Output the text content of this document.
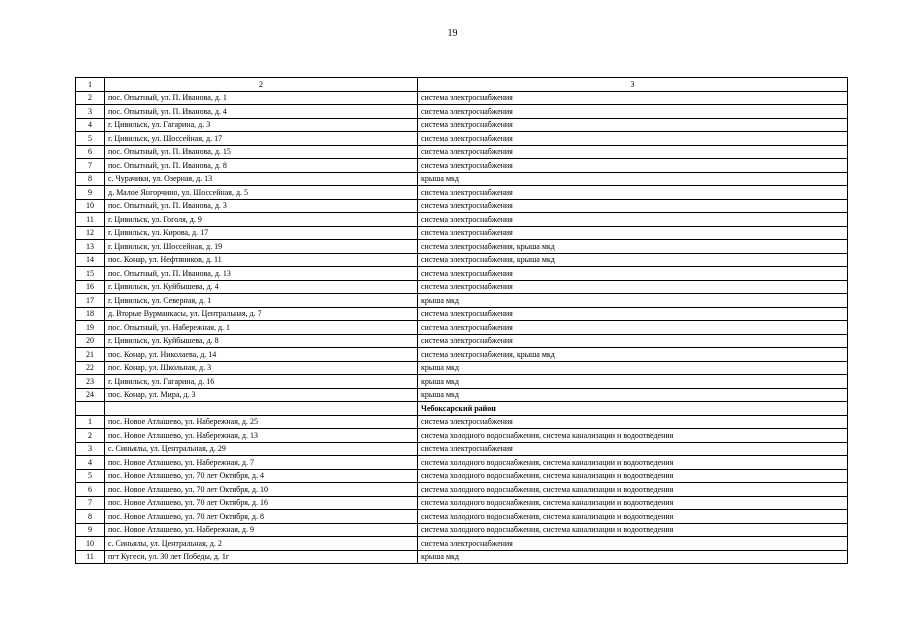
19
1	2	3
2	пос. Опытный, ул. П. Иванова, д. 1	система электроснабжения
3	пос. Опытный, ул. П. Иванова, д. 4	система электроснабжения
4	г. Цивильск, ул. Гагарина, д. 3	система электроснабжения
5	г. Цивильск, ул. Шоссейная, д. 17	система электроснабжения
6	пос. Опытный, ул. П. Иванова, д. 15	система электроснабжения
7	пос. Опытный, ул. П. Иванова, д. 8	система электроснабжения
8	с. Чурачики, ул. Озерная, д. 13	крыша мкд
9	д. Малое Янгорчино, ул. Шоссейная, д. 5	система электроснабжения
10	пос. Опытный, ул. П. Иванова, д. 3	система электроснабжения
11	г. Цивильск, ул. Гоголя, д. 9	система электроснабжения
12	г. Цивильск, ул. Кирова, д. 17	система электроснабжения
13	г. Цивильск, ул. Шоссейная, д. 19	система электроснабжения, крыша мкд
14	пос. Конар, ул. Нефтяников, д. 11	система электроснабжения, крыша мкд
15	пос. Опытный, ул. П. Иванова, д. 13	система электроснабжения
16	г. Цивильск, ул. Куйбышева, д. 4	система электроснабжения
17	г. Цивильск, ул. Северная, д. 1	крыша мкд
18	д. Вторые Вурманкасы, ул. Центральная, д. 7	система электроснабжения
19	пос. Опытный, ул. Набережная, д. 1	система электроснабжения
20	г. Цивильск, ул. Куйбышева, д. 8	система электроснабжения
21	пос. Конар, ул. Николаева, д. 14	система электроснабжения, крыша мкд
22	пос. Конар, ул. Школьная, д. 3	крыша мкд
23	г. Цивильск, ул. Гагарина, д. 16	крыша мкд
24	пос. Конар, ул. Мира, д. 3	крыша мкд
		Чебоксарский район
1	пос. Новое Атлашево, ул. Набережная, д. 25	система электроснабжения
2	пос. Новое Атлашево, ул. Набережная, д. 13	система холодного водоснабжения, система канализации и водоотведения
3	с. Синьялы, ул. Центральная, д. 29	система электроснабжения
4	пос. Новое Атлашево, ул. Набережная, д. 7	система холодного водоснабжения, система канализации и водоотведения
5	пос. Новое Атлашево, ул. 70 лет Октября, д. 4	система холодного водоснабжения, система канализации и водоотведения
6	пос. Новое Атлашево, ул. 70 лет Октября, д. 10	система холодного водоснабжения, система канализации и водоотведения
7	пос. Новое Атлашево, ул. 70 лет Октября, д. 16	система холодного водоснабжения, система канализации и водоотведения
8	пос. Новое Атлашево, ул. 70 лет Октября, д. 8	система холодного водоснабжения, система канализации и водоотведения
9	пос. Новое Атлашево, ул. Набережная, д. 9	система холодного водоснабжения, система канализации и водоотведения
10	с. Синьялы, ул. Центральная, д. 2	система электроснабжения
11	пгт Кугеси, ул. 30 лет Победы, д. 1г	крыша мкд
